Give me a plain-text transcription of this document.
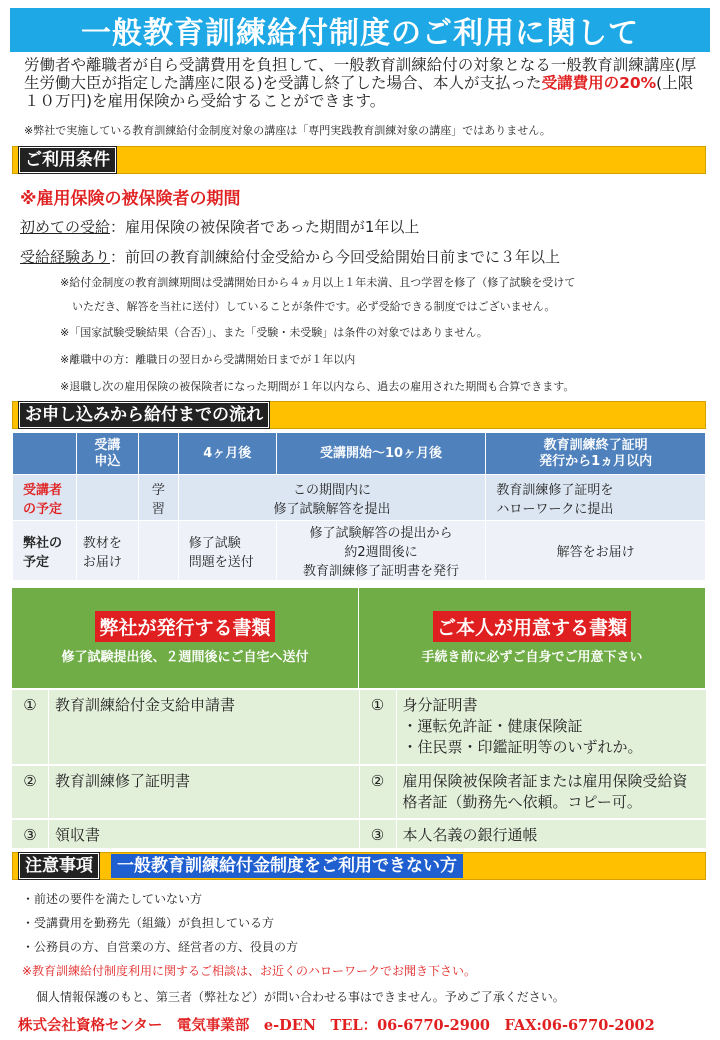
一般教育訓練給付制度のご利用に関して
労働者や離職者が自ら受講費用を負担して、一般教育訓練給付の対象となる一般教育訓練講座(厚生労働大臣が指定した講座に限る)を受講し終了した場合、本人が支払った受講費用の20%(上限１０万円)を雇用保険から受給することができます。
※弊社で実施している教育訓練給付金制度対象の講座は「専門実践教育訓練対象の講座」ではありません。
ご利用条件
※雇用保険の被保険者の期間
初めての受給：雇用保険の被保険者であった期間が1年以上
受給経験あり：前回の教育訓練給付金受給から今回受給開始日前までに３年以上
※給付金制度の教育訓練期間は受講開始日から４ヵ月以上１年未満、且つ学習を修了（修了試験を受けて
いただき、解答を当社に送付）していることが条件です。必ず受給できる制度ではございません。
※「国家試験受験結果（合否）」、また「受験・未受験」は条件の対象ではありません。
※離職中の方：離職日の翌日から受講開始日までが１年以内
※退職し次の雇用保険の被保険者になった期間が１年以内なら、過去の雇用された期間も合算できます。
お申し込みから給付までの流れ
	受講
申込		4ヶ月後	受講開始～10ヶ月後	教育訓練終了証明
発行から1ヵ月以内
受講者
の予定		学
習	この期間内に
修了試験解答を提出		教育訓練修了証明を
ハローワークに提出
弊社の
予定	教材を
お届け		修了試験
問題を送付	修了試験解答の提出から
約2週間後に
教育訓練修了証明書を発行	解答をお届け
弊社が発行する書類
修了試験提出後、２週間後にご自宅へ送付
ご本人が用意する書類
手続き前に必ずご自身でご用意下さい
①	教育訓練給付金支給申請書	①	身分証明書
・運転免許証・健康保険証
・住民票・印鑑証明等のいずれか。
②	教育訓練修了証明書	②	雇用保険被保険者証または雇用保険受給資格者証（勤務先へ依頼。コピー可。
③	領収書	③	本人名義の銀行通帳
注意事項	一般教育訓練給付金制度をご利用できない方
・前述の要件を満たしていない方
・受講費用を勤務先（組織）が負担している方
・公務員の方、自営業の方、経営者の方、役員の方
※教育訓練給付制度利用に関するご相談は、お近くのハローワークでお聞き下さい。
個人情報保護のもと、第三者（弊社など）が問い合わせる事はできません。予めご了承ください。
株式会社資格センター　電気事業部　e-DEN　TEL：06-6770-2900　FAX:06-6770-2002
